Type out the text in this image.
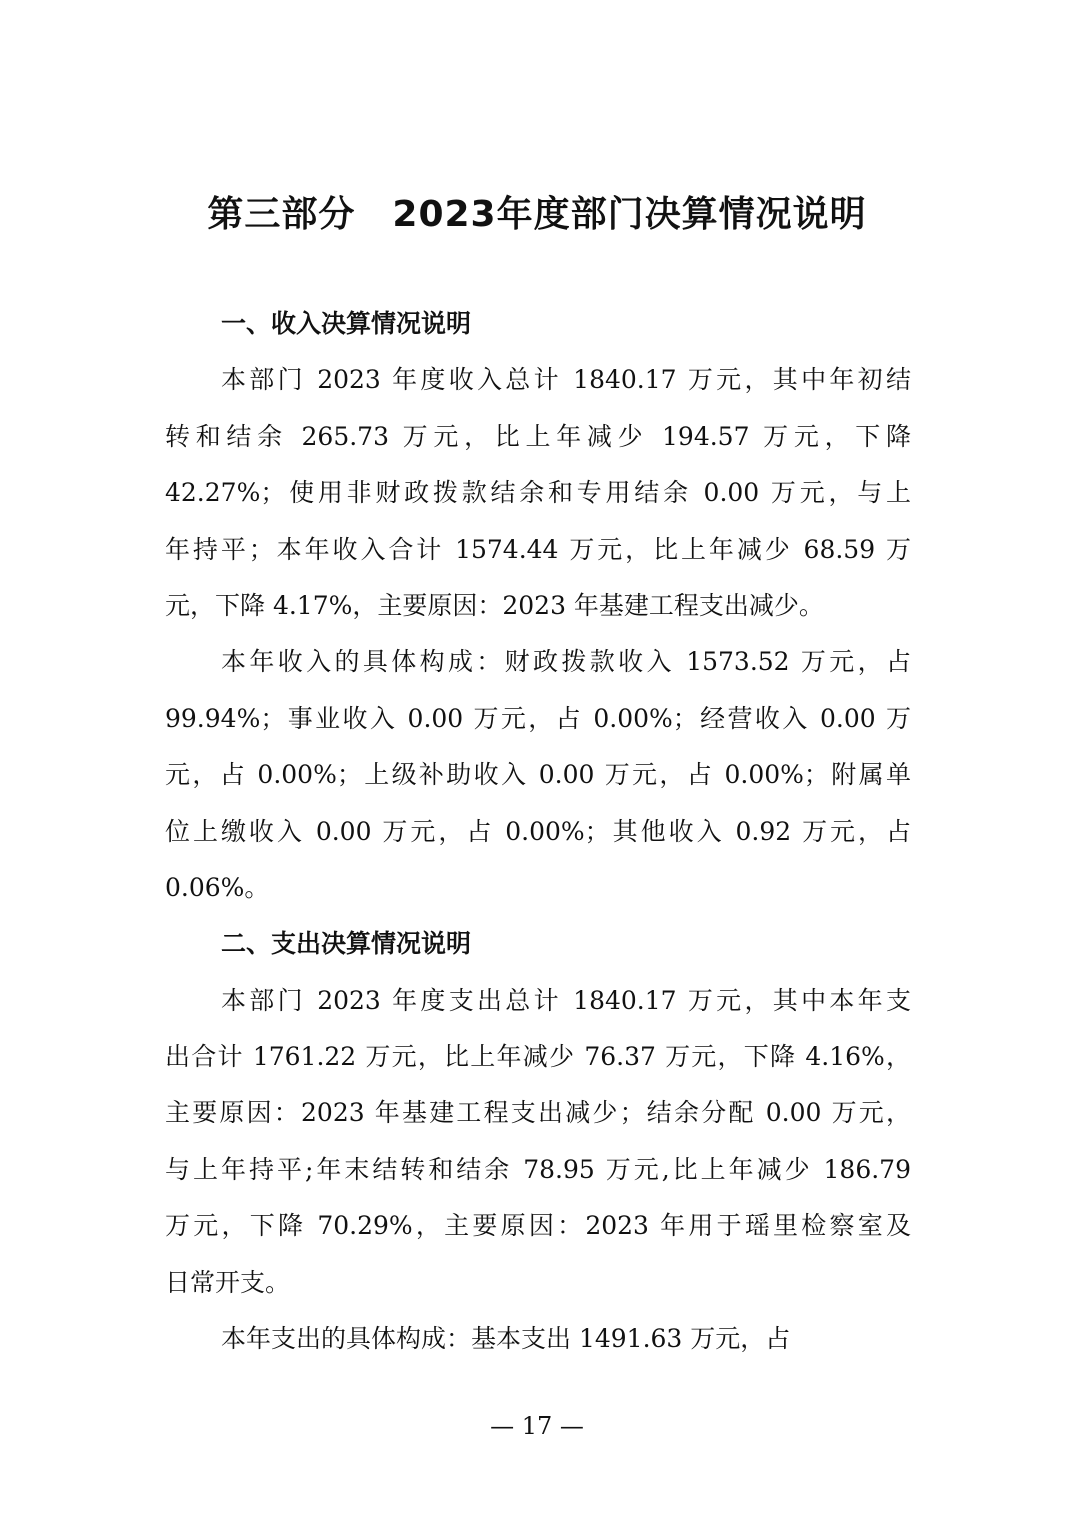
第三部分　2023年度部门决算情况说明
一、收入决算情况说明
本部门 2023 年度收入总计 1840.17 万元，其中年初结
转和结余 265.73 万元，比上年减少 194.57 万元，下降
42.27%；使用非财政拨款结余和专用结余 0.00 万元，与上
年持平；本年收入合计 1574.44 万元，比上年减少 68.59 万
元，下降 4.17%，主要原因：2023 年基建工程支出减少。
本年收入的具体构成：财政拨款收入 1573.52 万元，占
99.94%；事业收入 0.00 万元，占 0.00%；经营收入 0.00 万
元，占 0.00%；上级补助收入 0.00 万元，占 0.00%；附属单
位上缴收入 0.00 万元，占 0.00%；其他收入 0.92 万元，占
0.06%。
二、支出决算情况说明
本部门 2023 年度支出总计 1840.17 万元，其中本年支
出合计 1761.22 万元，比上年减少 76.37 万元，下降 4.16%，
主要原因：2023 年基建工程支出减少；结余分配 0.00 万元，
与上年持平;年末结转和结余 78.95 万元,比上年减少 186.79
万元，下降 70.29%，主要原因：2023 年用于瑶里检察室及
日常开支。
本年支出的具体构成：基本支出 1491.63 万元，占
— 17 —
